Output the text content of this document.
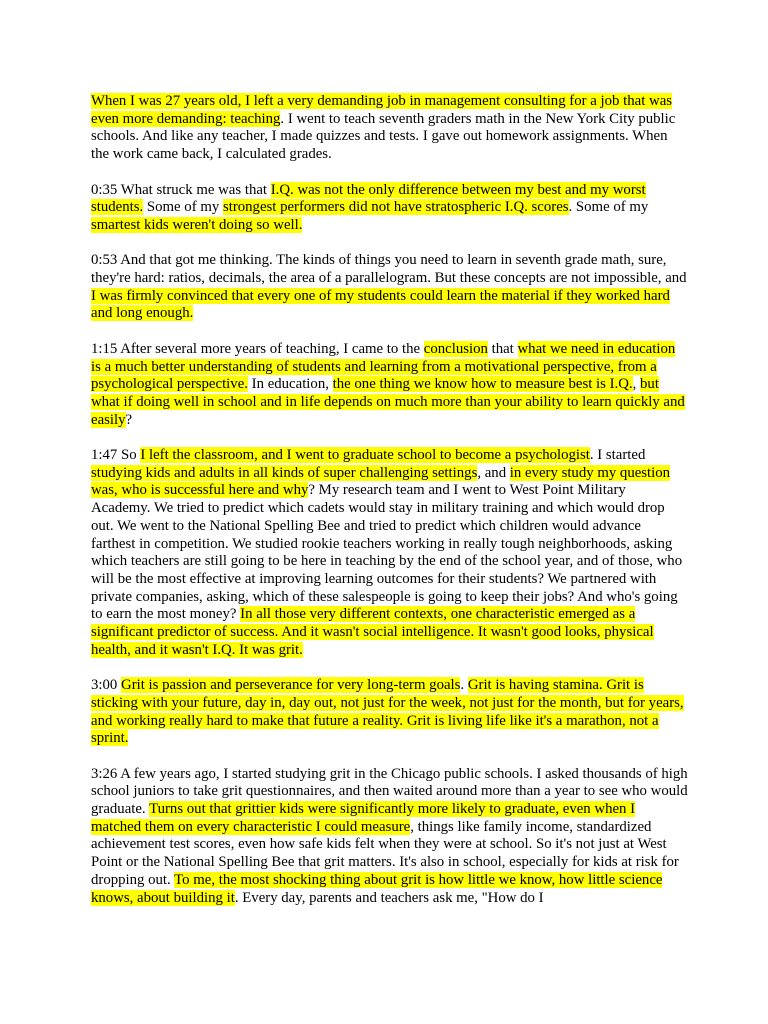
When I was 27 years old, I left a very demanding job in management consulting for a job that was even more demanding: teaching. I went to teach seventh graders math in the New York City public schools. And like any teacher, I made quizzes and tests. I gave out homework assignments. When the work came back, I calculated grades.

0:35 What struck me was that I.Q. was not the only difference between my best and my worst students. Some of my strongest performers did not have stratospheric I.Q. scores. Some of my smartest kids weren't doing so well.

0:53 And that got me thinking. The kinds of things you need to learn in seventh grade math, sure, they're hard: ratios, decimals, the area of a parallelogram. But these concepts are not impossible, and I was firmly convinced that every one of my students could learn the material if they worked hard and long enough.

1:15 After several more years of teaching, I came to the conclusion that what we need in education is a much better understanding of students and learning from a motivational perspective, from a psychological perspective. In education, the one thing we know how to measure best is I.Q., but what if doing well in school and in life depends on much more than your ability to learn quickly and easily?

1:47 So I left the classroom, and I went to graduate school to become a psychologist. I started studying kids and adults in all kinds of super challenging settings, and in every study my question was, who is successful here and why? My research team and I went to West Point Military Academy. We tried to predict which cadets would stay in military training and which would drop out. We went to the National Spelling Bee and tried to predict which children would advance farthest in competition. We studied rookie teachers working in really tough neighborhoods, asking which teachers are still going to be here in teaching by the end of the school year, and of those, who will be the most effective at improving learning outcomes for their students? We partnered with private companies, asking, which of these salespeople is going to keep their jobs? And who's going to earn the most money? In all those very different contexts, one characteristic emerged as a significant predictor of success. And it wasn't social intelligence. It wasn't good looks, physical health, and it wasn't I.Q. It was grit.

3:00 Grit is passion and perseverance for very long-term goals. Grit is having stamina. Grit is sticking with your future, day in, day out, not just for the week, not just for the month, but for years, and working really hard to make that future a reality. Grit is living life like it's a marathon, not a sprint.

3:26 A few years ago, I started studying grit in the Chicago public schools. I asked thousands of high school juniors to take grit questionnaires, and then waited around more than a year to see who would graduate. Turns out that grittier kids were significantly more likely to graduate, even when I matched them on every characteristic I could measure, things like family income, standardized achievement test scores, even how safe kids felt when they were at school. So it's not just at West Point or the National Spelling Bee that grit matters. It's also in school, especially for kids at risk for dropping out. To me, the most shocking thing about grit is how little we know, how little science knows, about building it. Every day, parents and teachers ask me, "How do I
